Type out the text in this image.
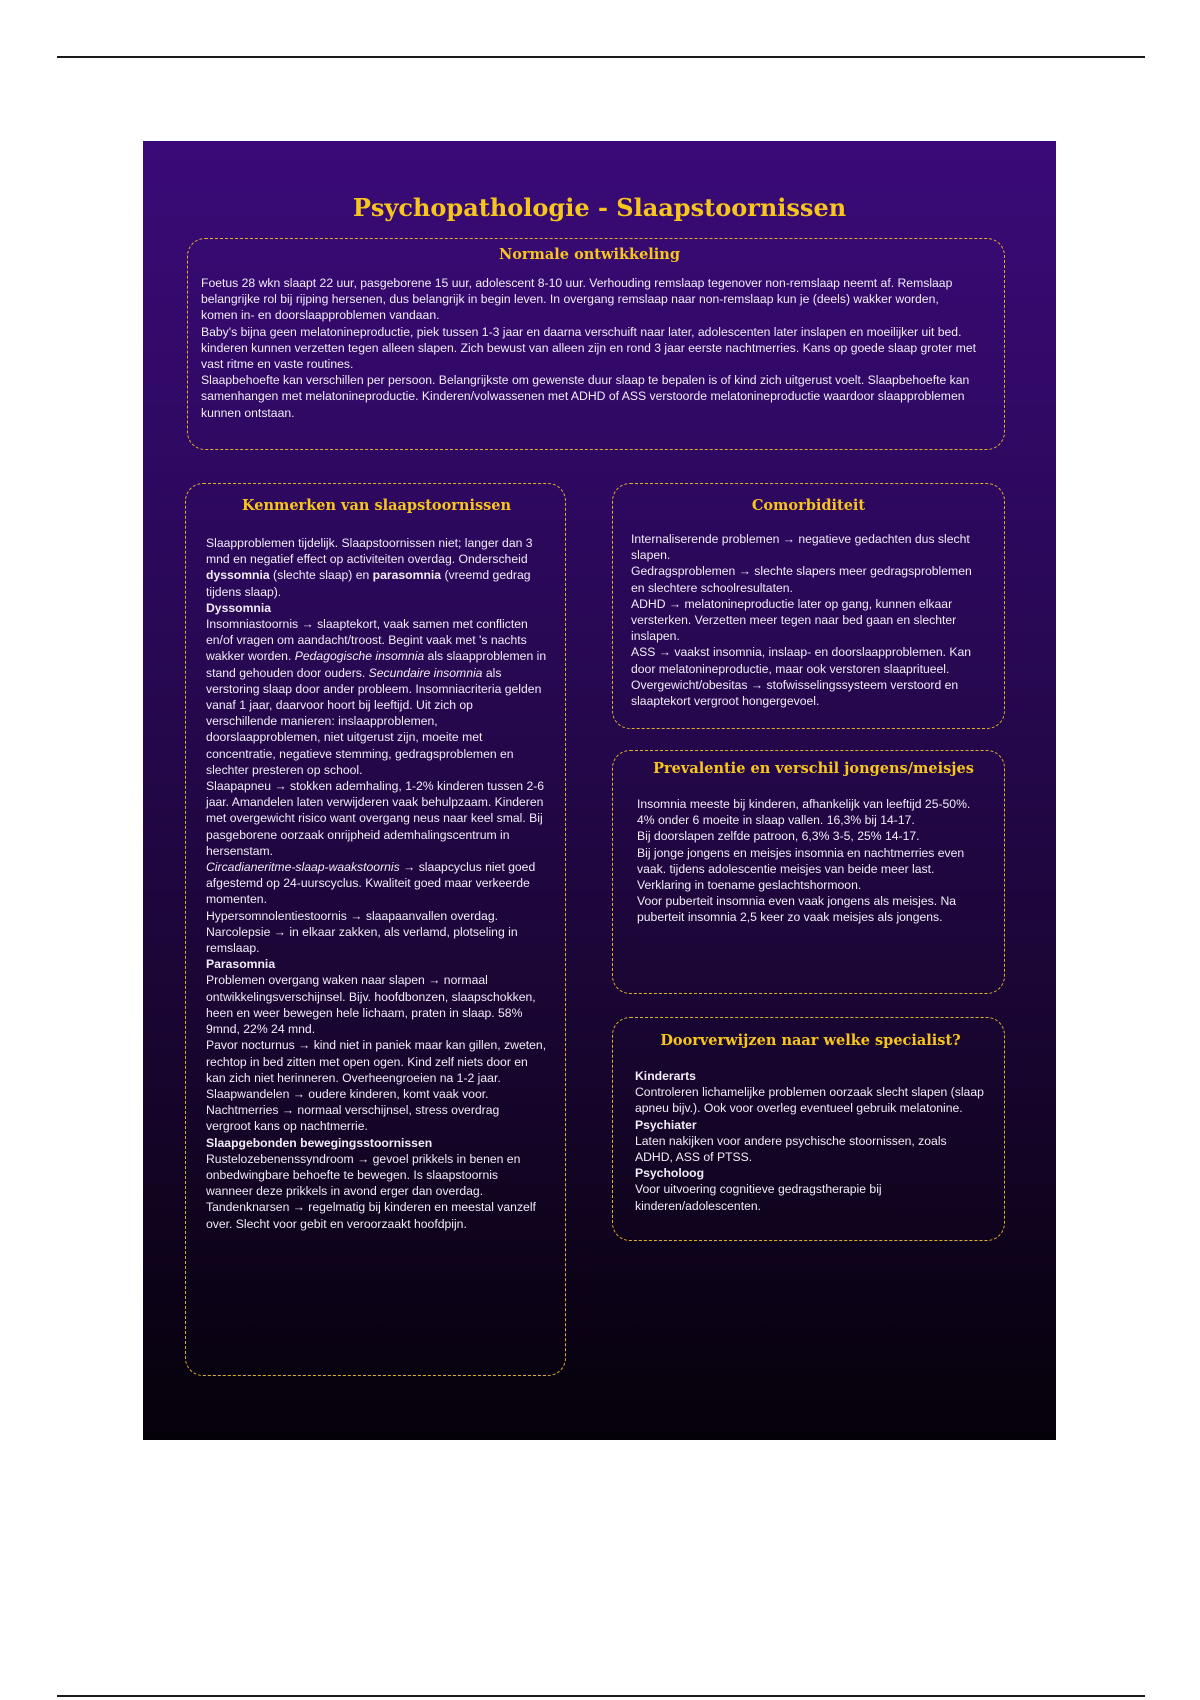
Psychopathologie - Slaapstoornissen
Normale ontwikkeling

Foetus 28 wkn slaapt 22 uur, pasgeborene 15 uur, adolescent 8-10 uur. Verhouding remslaap tegenover non-remslaap neemt af. Remslaap belangrijke rol bij rijping hersenen, dus belangrijk in begin leven. In overgang remslaap naar non-remslaap kun je (deels) wakker worden, komen in- en doorslaapproblemen vandaan.

Baby's bijna geen melatonineproductie, piek tussen 1-3 jaar en daarna verschuift naar later, adolescenten later inslapen en moeilijker uit bed.

kinderen kunnen verzetten tegen alleen slapen. Zich bewust van alleen zijn en rond 3 jaar eerste nachtmerries. Kans op goede slaap groter met vast ritme en vaste routines.

Slaapbehoefte kan verschillen per persoon. Belangrijkste om gewenste duur slaap te bepalen is of kind zich uitgerust voelt. Slaapbehoefte kan samenhangen met melatonineproductie. Kinderen/volwassenen met ADHD of ASS verstoorde melatonineproductie waardoor slaapproblemen kunnen ontstaan.

Kenmerken van slaapstoornissen

Slaapproblemen tijdelijk. Slaapstoornissen niet; langer dan 3 mnd en negatief effect op activiteiten overdag. Onderscheid dyssomnia (slechte slaap) en parasomnia (vreemd gedrag tijdens slaap).

Dyssomnia

Insomniastoornis → slaaptekort, vaak samen met conflicten en/of vragen om aandacht/troost. Begint vaak met 's nachts wakker worden. Pedagogische insomnia als slaapproblemen in stand gehouden door ouders. Secundaire insomnia als verstoring slaap door ander probleem. Insomniacriteria gelden vanaf 1 jaar, daarvoor hoort bij leeftijd. Uit zich op verschillende manieren: inslaapproblemen, doorslaapproblemen, niet uitgerust zijn, moeite met concentratie, negatieve stemming, gedragsproblemen en slechter presteren op school.

Slaapapneu → stokken ademhaling, 1-2% kinderen tussen 2-6 jaar. Amandelen laten verwijderen vaak behulpzaam. Kinderen met overgewicht risico want overgang neus naar keel smal. Bij pasgeborene oorzaak onrijpheid ademhalingscentrum in hersenstam.

Circadianeritme-slaap-waakstoornis → slaapcyclus niet goed afgestemd op 24-uurscyclus. Kwaliteit goed maar verkeerde momenten.

Hypersomnolentiestoornis → slaapaanvallen overdag.

Narcolepsie → in elkaar zakken, als verlamd, plotseling in remslaap.

Parasomnia

Problemen overgang waken naar slapen → normaal ontwikkelingsverschijnsel. Bijv. hoofdbonzen, slaapschokken, heen en weer bewegen hele lichaam, praten in slaap. 58% 9mnd, 22% 24 mnd.

Pavor nocturnus → kind niet in paniek maar kan gillen, zweten, rechtop in bed zitten met open ogen. Kind zelf niets door en kan zich niet herinneren. Overheengroeien na 1-2 jaar.

Slaapwandelen → oudere kinderen, komt vaak voor.

Nachtmerries → normaal verschijnsel, stress overdrag vergroot kans op nachtmerrie.

Slaapgebonden bewegingsstoornissen

Rustelozebenenssyndroom → gevoel prikkels in benen en onbedwingbare behoefte te bewegen. Is slaapstoornis wanneer deze prikkels in avond erger dan overdag.

Tandenknarsen → regelmatig bij kinderen en meestal vanzelf over. Slecht voor gebit en veroorzaakt hoofdpijn.

Comorbiditeit

Internaliserende problemen → negatieve gedachten dus slecht slapen.

Gedragsproblemen → slechte slapers meer gedragsproblemen en slechtere schoolresultaten.

ADHD → melatonineproductie later op gang, kunnen elkaar versterken. Verzetten meer tegen naar bed gaan en slechter inslapen.

ASS → vaakst insomnia, inslaap- en doorslaapproblemen. Kan door melatonineproductie, maar ook verstoren slaapritueel.

Overgewicht/obesitas → stofwisselingssysteem verstoord en slaaptekort vergroot hongergevoel.

Prevalentie en verschil jongens/meisjes

Insomnia meeste bij kinderen, afhankelijk van leeftijd 25-50%.

4% onder 6 moeite in slaap vallen. 16,3% bij 14-17.

Bij doorslapen zelfde patroon, 6,3% 3-5, 25% 14-17.

Bij jonge jongens en meisjes insomnia en nachtmerries even vaak. tijdens adolescentie meisjes van beide meer last. Verklaring in toename geslachtshormoon.

Voor puberteit insomnia even vaak jongens als meisjes. Na puberteit insomnia 2,5 keer zo vaak meisjes als jongens.

Doorverwijzen naar welke specialist?

Kinderarts

Controleren lichamelijke problemen oorzaak slecht slapen (slaap apneu bijv.). Ook voor overleg eventueel gebruik melatonine.

Psychiater

Laten nakijken voor andere psychische stoornissen, zoals ADHD, ASS of PTSS.

Psycholoog

Voor uitvoering cognitieve gedragstherapie bij kinderen/adolescenten.
